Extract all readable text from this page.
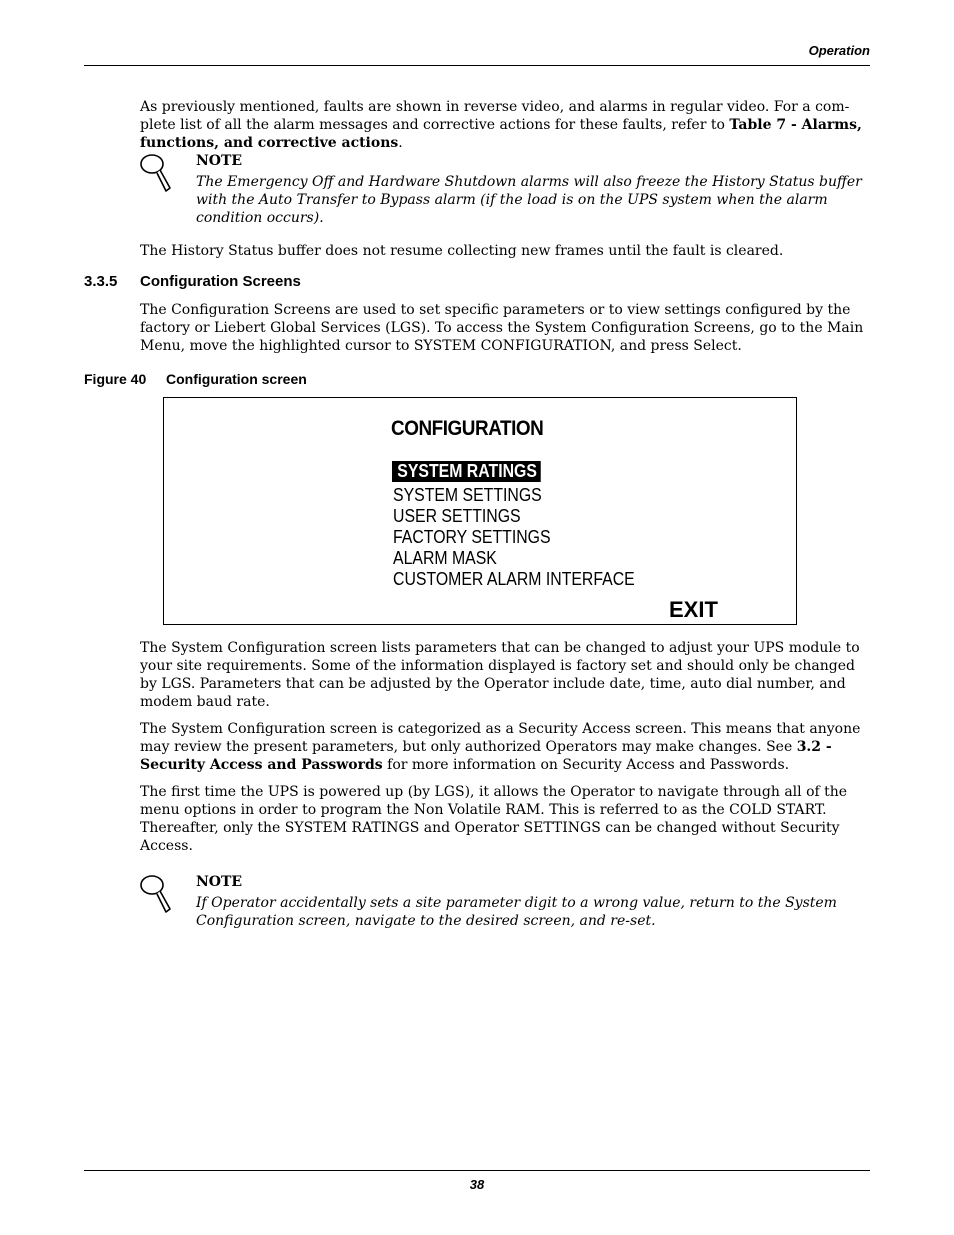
Operation

As previously mentioned, faults are shown in reverse video, and alarms in regular video. For a com-plete list of all the alarm messages and corrective actions for these faults, refer to Table 7 - Alarms, functions, and corrective actions.

NOTE

The Emergency Off and Hardware Shutdown alarms will also freeze the History Status buffer with the Auto Transfer to Bypass alarm (if the load is on the UPS system when the alarm condition occurs).

The History Status buffer does not resume collecting new frames until the fault is cleared.

3.3.5 Configuration Screens

The Configuration Screens are used to set specific parameters or to view settings configured by the factory or Liebert Global Services (LGS). To access the System Configuration Screens, go to the Main Menu, move the highlighted cursor to SYSTEM CONFIGURATION, and press Select.

Figure 40 Configuration screen
CONFIGURATION
SYSTEM RATINGS
SYSTEM SETTINGS
USER SETTINGS
FACTORY SETTINGS
ALARM MASK
CUSTOMER ALARM INTERFACE
EXIT

The System Configuration screen lists parameters that can be changed to adjust your UPS module to your site requirements. Some of the information displayed is factory set and should only be changed by LGS. Parameters that can be adjusted by the Operator include date, time, auto dial number, and modem baud rate.

The System Configuration screen is categorized as a Security Access screen. This means that anyone may review the present parameters, but only authorized Operators may make changes. See 3.2 - Security Access and Passwords for more information on Security Access and Passwords.

The first time the UPS is powered up (by LGS), it allows the Operator to navigate through all of the menu options in order to program the Non Volatile RAM. This is referred to as the COLD START. Thereafter, only the SYSTEM RATINGS and Operator SETTINGS can be changed without Security Access.

NOTE

If Operator accidentally sets a site parameter digit to a wrong value, return to the System Configuration screen, navigate to the desired screen, and re-set.

38
